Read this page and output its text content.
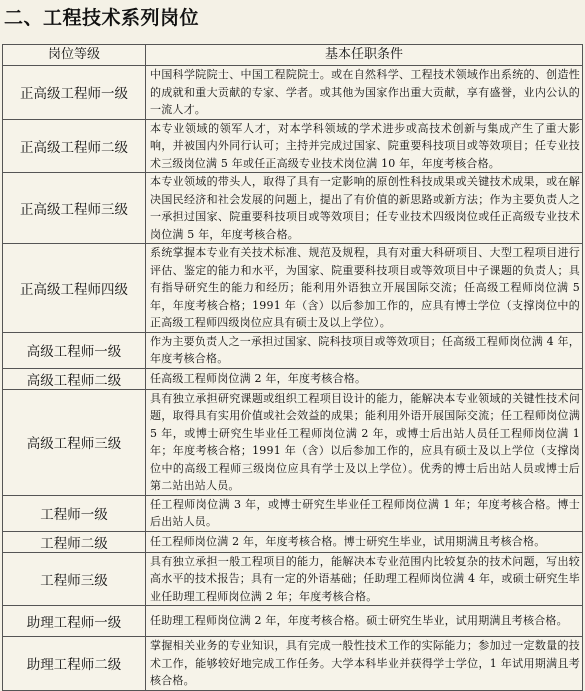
二、工程技术系列岗位
岗位等级	基本任职条件
正高级工程师一级	中国科学院院士、中国工程院院士。或在自然科学、工程技术领域作出系统的、创造性的成就和重大贡献的专家、学者。或其他为国家作出重大贡献，享有盛誉，业内公认的一流人才。
正高级工程师二级	本专业领域的领军人才，对本学科领域的学术进步或高技术创新与集成产生了重大影响，并被国内外同行认可；主持并完成过国家、院重要科技项目或等效项目；任专业技术三级岗位满 5 年或任正高级专业技术岗位满 10 年，年度考核合格。
正高级工程师三级	本专业领域的带头人，取得了具有一定影响的原创性科技成果或关键技术成果，或在解决国民经济和社会发展的问题上，提出了有价值的新思路或新方法；作为主要负责人之一承担过国家、院重要科技项目或等效项目；任专业技术四级岗位或任正高级专业技术岗位满 5 年，年度考核合格。
正高级工程师四级	系统掌握本专业有关技术标准、规范及规程，具有对重大科研项目、大型工程项目进行评估、鉴定的能力和水平，为国家、院重要科技项目或等效项目中子课题的负责人；具有指导研究生的能力和经历；能利用外语独立开展国际交流；任高级工程师岗位满 5 年，年度考核合格；1991 年（含）以后参加工作的，应具有博士学位（支撑岗位中的正高级工程师四级岗位应具有硕士及以上学位）。
高级工程师一级	作为主要负责人之一承担过国家、院科技项目或等效项目；任高级工程师岗位满 4 年，年度考核合格。
高级工程师二级	任高级工程师岗位满 2 年，年度考核合格。
高级工程师三级	具有独立承担研究课题或组织工程项目设计的能力，能解决本专业领域的关键性技术问题，取得具有实用价值或社会效益的成果；能利用外语开展国际交流；任工程师岗位满 5 年，或博士研究生毕业任工程师岗位满 2 年，或博士后出站人员任工程师岗位满 1 年；年度考核合格；1991 年（含）以后参加工作的，应具有硕士及以上学位（支撑岗位中的高级工程师三级岗位应具有学士及以上学位）。优秀的博士后出站人员或博士后第二站出站人员。
工程师一级	任工程师岗位满 3 年，或博士研究生毕业任工程师岗位满 1 年；年度考核合格。博士后出站人员。
工程师二级	任工程师岗位满 2 年，年度考核合格。博士研究生毕业，试用期满且考核合格。
工程师三级	具有独立承担一般工程项目的能力，能解决本专业范围内比较复杂的技术问题，写出较高水平的技术报告；具有一定的外语基础；任助理工程师岗位满 4 年，或硕士研究生毕业任助理工程师岗位满 2 年；年度考核合格。
助理工程师一级	任助理工程师岗位满 2 年，年度考核合格。硕士研究生毕业，试用期满且考核合格。
助理工程师二级	掌握相关业务的专业知识，具有完成一般性技术工作的实际能力；参加过一定数量的技术工作，能够较好地完成工作任务。大学本科毕业并获得学士学位，1 年试用期满且考核合格。
